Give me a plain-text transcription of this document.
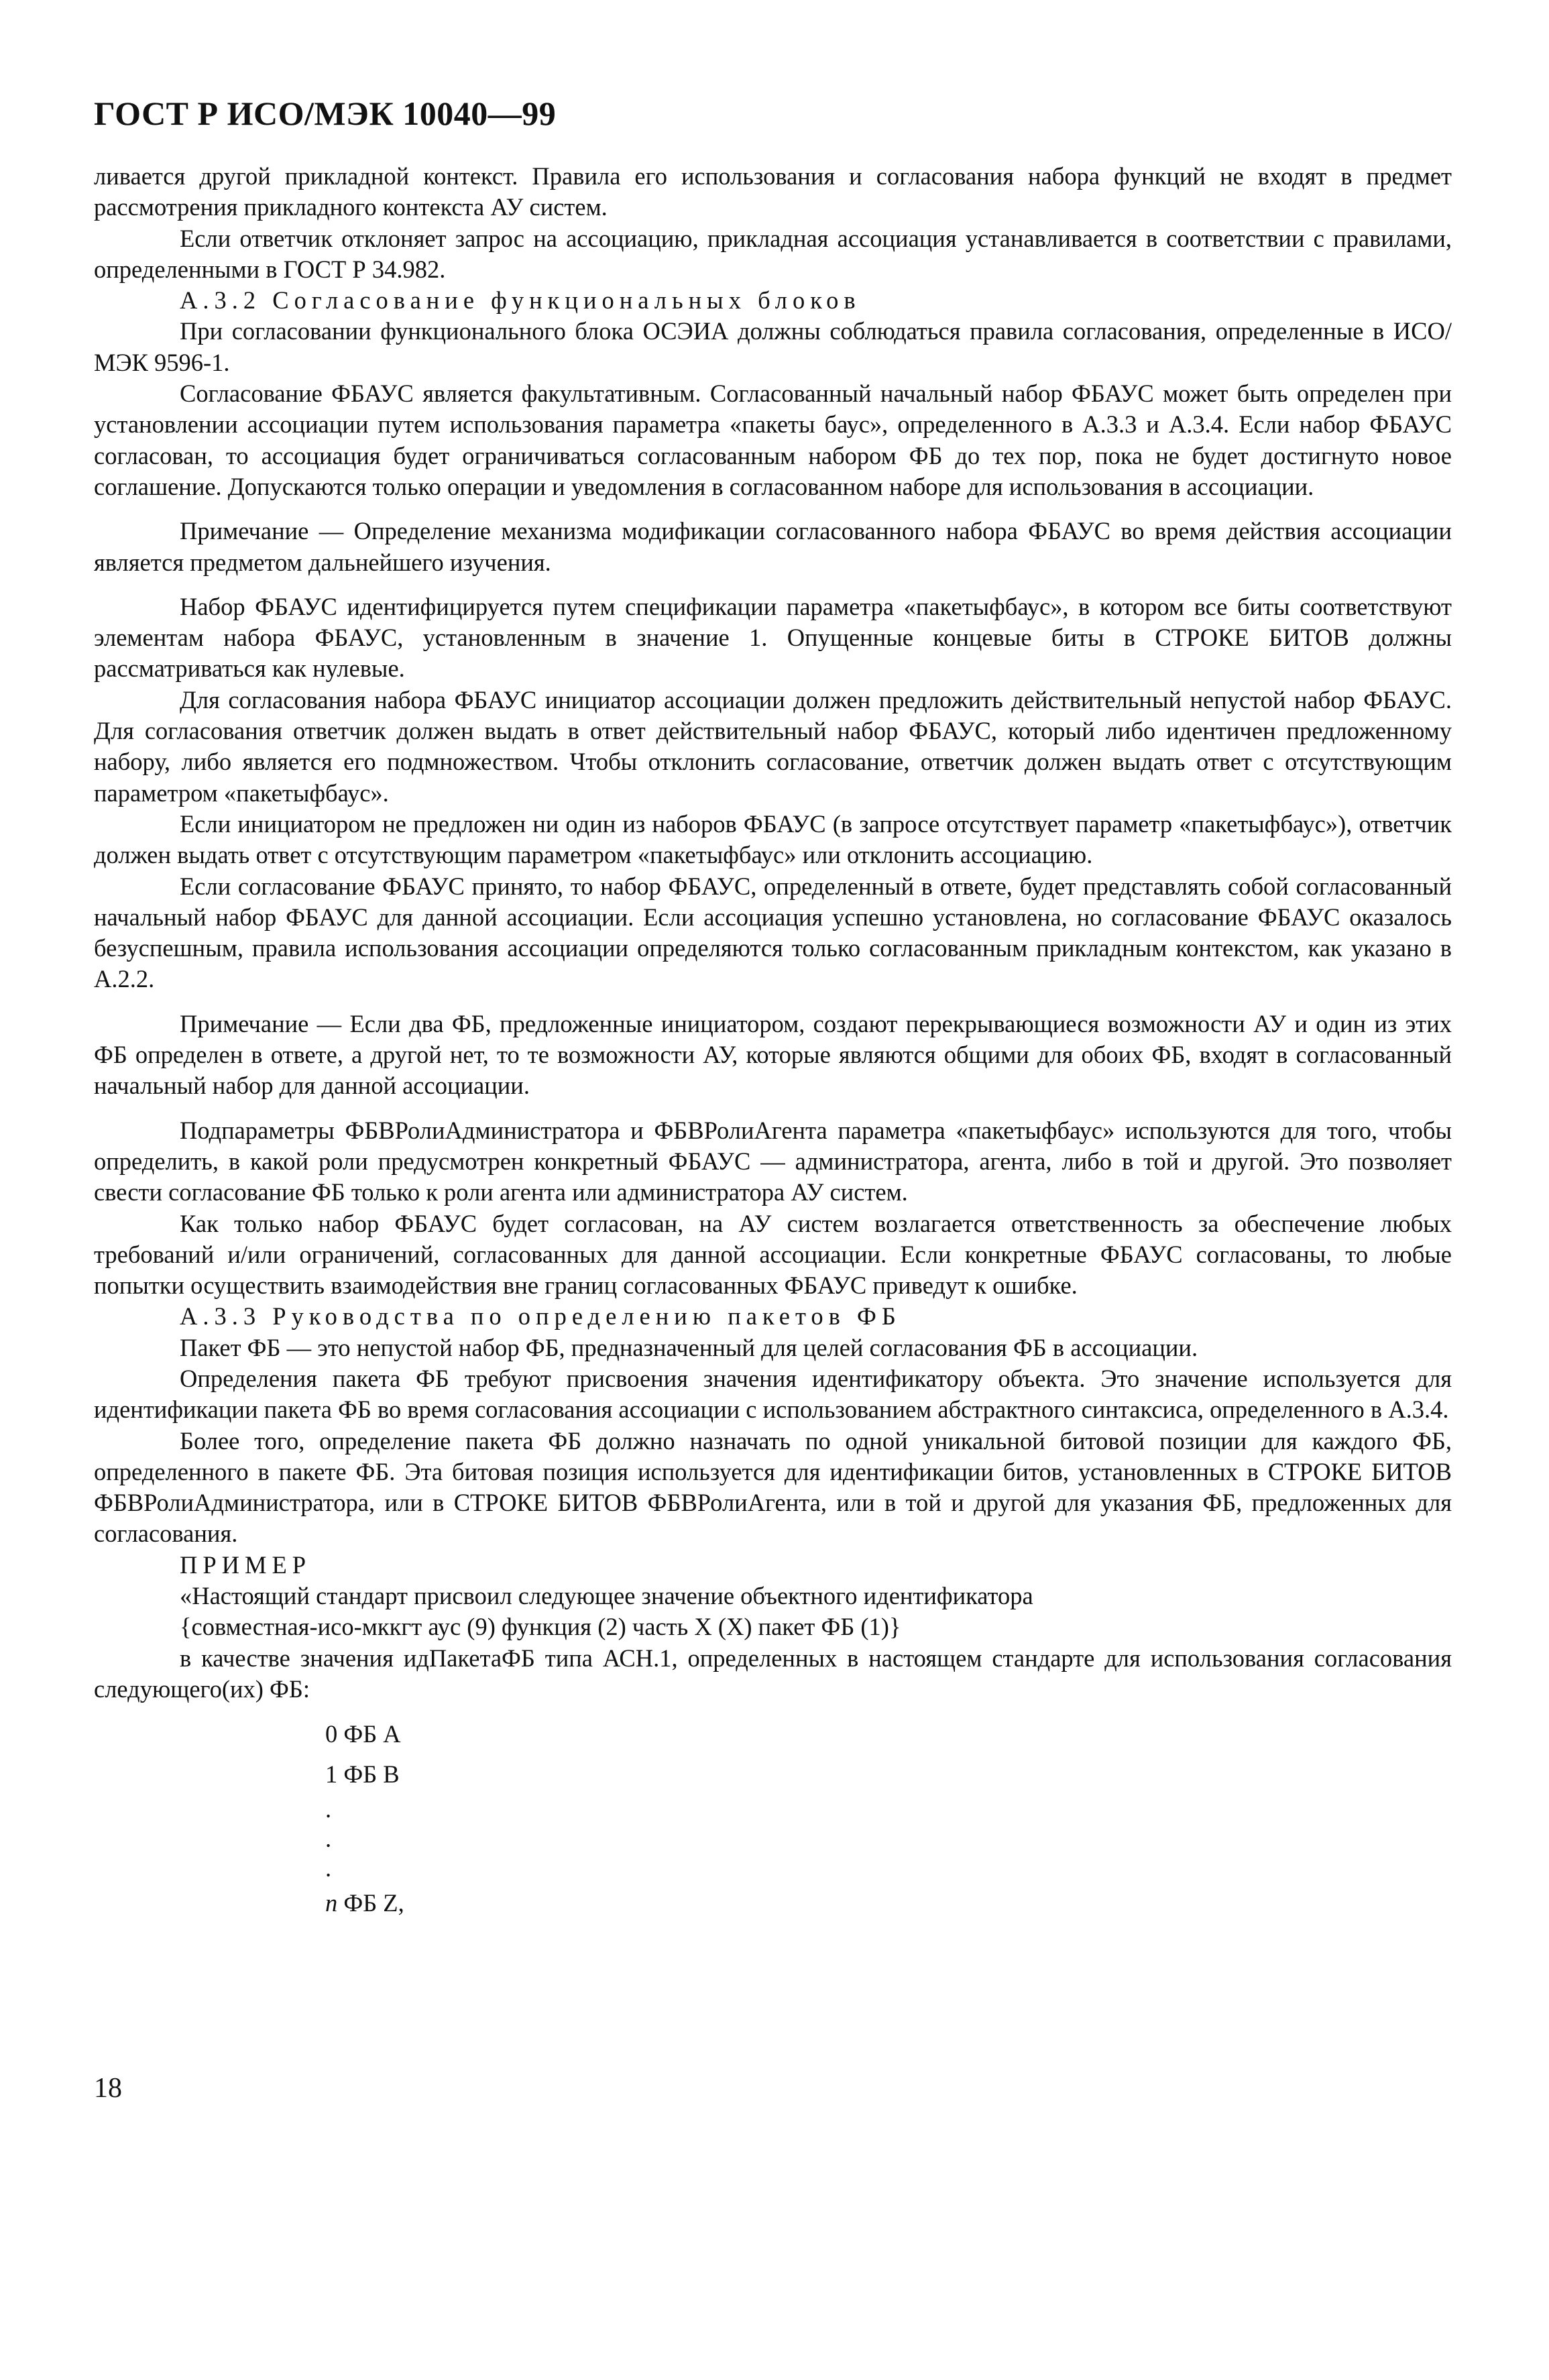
ГОСТ Р ИСО/МЭК 10040—99

ливается другой прикладной контекст. Правила его использования и согласования набора функций не входят в предмет рассмотрения прикладного контекста АУ систем.

Если ответчик отклоняет запрос на ассоциацию, прикладная ассоциация устанавливается в соответствии с правилами, определенными в ГОСТ Р 34.982.

А.3.2 Согласование функциональных блоков

При согласовании функционального блока ОСЭИА должны соблюдаться правила согласования, определенные в ИСО/МЭК 9596-1.

Согласование ФБАУС является факультативным. Согласованный начальный набор ФБАУС может быть определен при установлении ассоциации путем использования параметра «пакеты баус», определенного в А.3.3 и А.3.4. Если набор ФБАУС согласован, то ассоциация будет ограничиваться согласованным набором ФБ до тех пор, пока не будет достигнуто новое соглашение. Допускаются только операции и уведомления в согласованном наборе для использования в ассоциации.

Примечание — Определение механизма модификации согласованного набора ФБАУС во время действия ассоциации является предметом дальнейшего изучения.

Набор ФБАУС идентифицируется путем спецификации параметра «пакетыфбаус», в котором все биты соответствуют элементам набора ФБАУС, установленным в значение 1. Опущенные концевые биты в СТРОКЕ БИТОВ должны рассматриваться как нулевые.

Для согласования набора ФБАУС инициатор ассоциации должен предложить действительный непустой набор ФБАУС. Для согласования ответчик должен выдать в ответ действительный набор ФБАУС, который либо идентичен предложенному набору, либо является его подмножеством. Чтобы отклонить согласование, ответчик должен выдать ответ с отсутствующим параметром «пакетыфбаус».

Если инициатором не предложен ни один из наборов ФБАУС (в запросе отсутствует параметр «пакетыфбаус»), ответчик должен выдать ответ с отсутствующим параметром «пакетыфбаус» или отклонить ассоциацию.

Если согласование ФБАУС принято, то набор ФБАУС, определенный в ответе, будет представлять собой согласованный начальный набор ФБАУС для данной ассоциации. Если ассоциация успешно установлена, но согласование ФБАУС оказалось безуспешным, правила использования ассоциации определяются только согласованным прикладным контекстом, как указано в А.2.2.

Примечание — Если два ФБ, предложенные инициатором, создают перекрывающиеся возможности АУ и один из этих ФБ определен в ответе, а другой нет, то те возможности АУ, которые являются общими для обоих ФБ, входят в согласованный начальный набор для данной ассоциации.

Подпараметры ФБВРолиАдминистратора и ФБВРолиАгента параметра «пакетыфбаус» используются для того, чтобы определить, в какой роли предусмотрен конкретный ФБАУС — администратора, агента, либо в той и другой. Это позволяет свести согласование ФБ только к роли агента или администратора АУ систем.

Как только набор ФБАУС будет согласован, на АУ систем возлагается ответственность за обеспечение любых требований и/или ограничений, согласованных для данной ассоциации. Если конкретные ФБАУС согласованы, то любые попытки осуществить взаимодействия вне границ согласованных ФБАУС приведут к ошибке.

А.3.3 Руководства по определению пакетов ФБ

Пакет ФБ — это непустой набор ФБ, предназначенный для целей согласования ФБ в ассоциации.

Определения пакета ФБ требуют присвоения значения идентификатору объекта. Это значение используется для идентификации пакета ФБ во время согласования ассоциации с использованием абстрактного синтаксиса, определенного в А.3.4.

Более того, определение пакета ФБ должно назначать по одной уникальной битовой позиции для каждого ФБ, определенного в пакете ФБ. Эта битовая позиция используется для идентификации битов, установленных в СТРОКЕ БИТОВ ФБВРолиАдминистратора, или в СТРОКЕ БИТОВ ФБВРолиАгента, или в той и другой для указания ФБ, предложенных для согласования.

ПРИМЕР

«Настоящий стандарт присвоил следующее значение объектного идентификатора

{совместная-исо-мккгт аус (9) функция (2) часть X (X) пакет ФБ (1)}

в качестве значения идПакетаФБ типа АСН.1, определенных в настоящем стандарте для использования согласования следующего(их) ФБ:

0 ФБ А
1 ФБ В
.
.
.
n ФБ Z,
18
